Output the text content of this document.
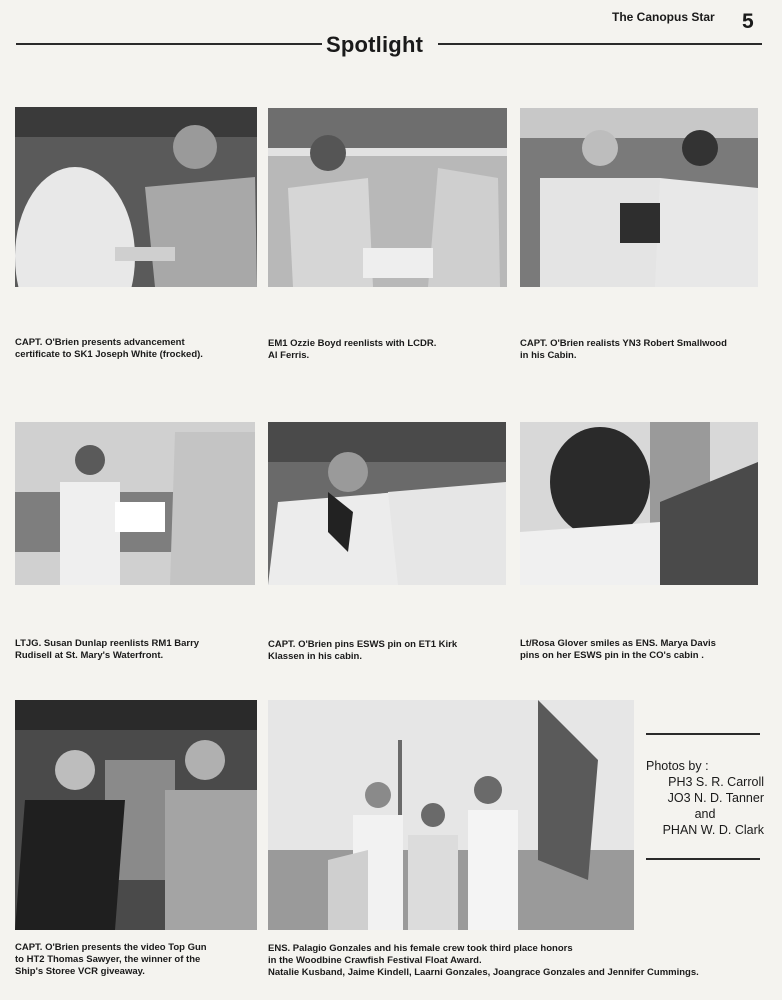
The Canopus Star 5
Spotlight
CAPT. O'Brien presents advancement
certificate to SK1 Joseph White (frocked).
EM1 Ozzie Boyd reenlists with LCDR.
Al Ferris.
CAPT. O'Brien realists YN3 Robert Smallwood
in his Cabin.
LTJG. Susan Dunlap reenlists RM1 Barry
Rudisell at St. Mary's Waterfront.
CAPT. O'Brien pins ESWS pin on ET1 Kirk
Klassen in his cabin.
Lt/Rosa Glover smiles as ENS. Marya Davis
pins on her ESWS pin in the CO's cabin .
CAPT. O'Brien presents the video Top Gun
to HT2 Thomas Sawyer, the winner of the
Ship's Storee VCR giveaway.
ENS. Palagio Gonzales and his female crew took third place honors
in the Woodbine Crawfish Festival Float Award.
Natalie Kusband, Jaime Kindell, Laarni Gonzales, Joangrace Gonzales and Jennifer Cummings.
Photos by :
PH3 S. R. Carroll
JO3 N. D. Tanner
and
PHAN W. D. Clark
